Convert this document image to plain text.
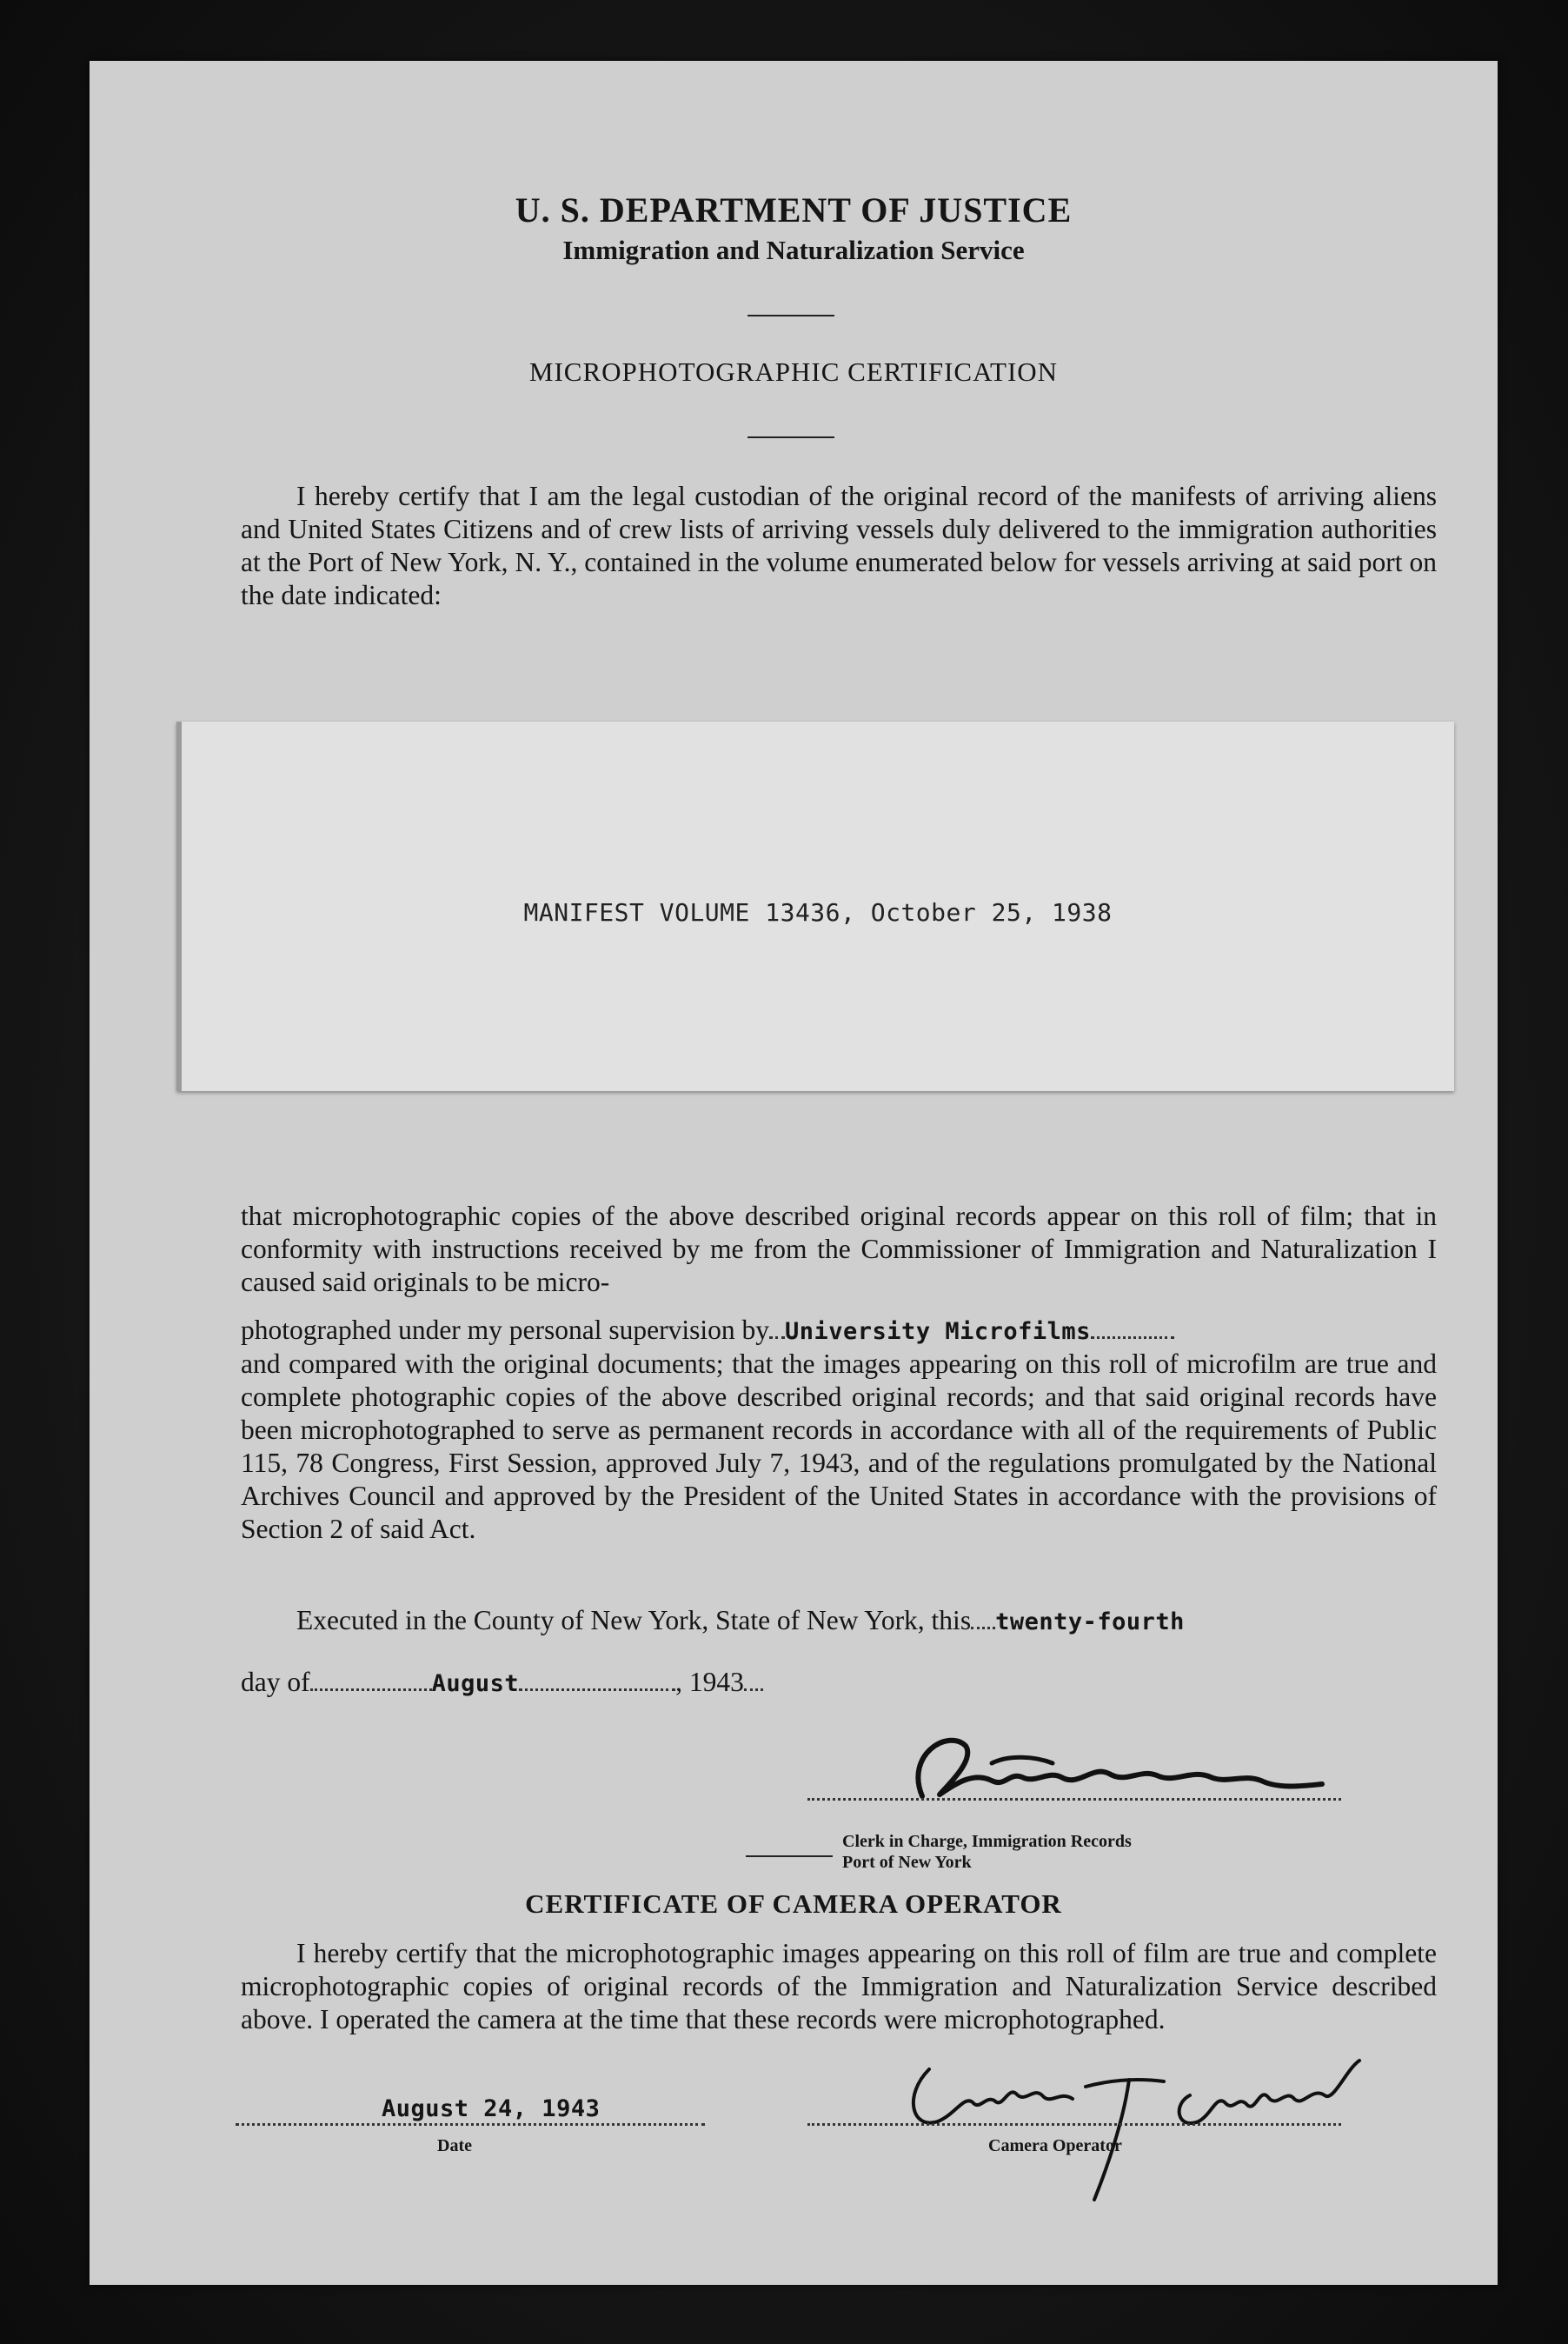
U. S. DEPARTMENT OF JUSTICE
Immigration and Naturalization Service
MICROPHOTOGRAPHIC CERTIFICATION
I hereby certify that I am the legal custodian of the original record of the manifests of arriving aliens and United States Citizens and of crew lists of arriving vessels duly delivered to the immigration authorities at the Port of New York, N. Y., contained in the volume enumerated below for vessels arriving at said port on the date indicated:
MANIFEST VOLUME 13436, October 25, 1938
that microphotographic copies of the above described original records appear on this roll of film; that in conformity with instructions received by me from the Commissioner of Immigration and Naturalization I caused said originals to be micro-
photographed under my personal supervision by University Microfilms
and compared with the original documents; that the images appearing on this roll of microfilm are true and complete photographic copies of the above described original records; and that said original records have been microphotographed to serve as permanent records in accordance with all of the requirements of Public 115, 78 Congress, First Session, approved July 7, 1943, and of the regulations promulgated by the National Archives Council and approved by the President of the United States in accordance with the provisions of Section 2 of said Act.
Executed in the County of New York, State of New York, this twenty-fourth
day of	August	, 1943
Clerk in Charge, Immigration Records
Port of New York
CERTIFICATE OF CAMERA OPERATOR
I hereby certify that the microphotographic images appearing on this roll of film are true and complete microphotographic copies of original records of the Immigration and Naturalization Service described above. I operated the camera at the time that these records were microphotographed.
August 24, 1943
Date	Camera Operator
